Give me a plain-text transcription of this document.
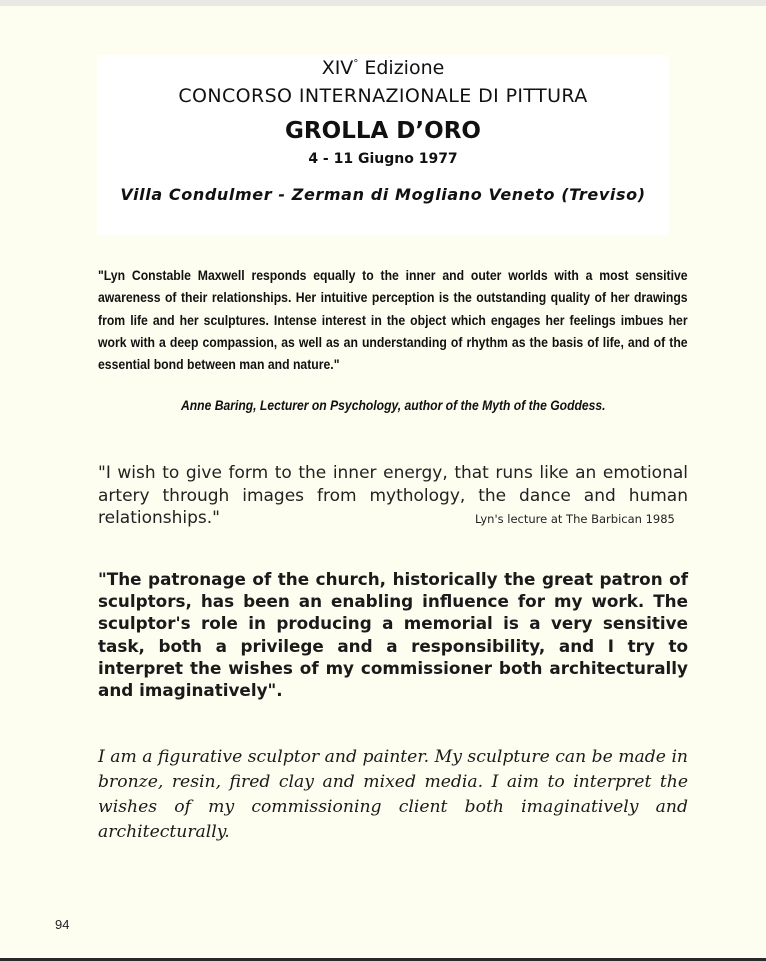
XIV° Edizione
CONCORSO INTERNAZIONALE DI PITTURA
GROLLA D’ORO
4 - 11 Giugno 1977
Villa Condulmer - Zerman di Mogliano Veneto (Treviso)
"Lyn Constable Maxwell responds equally to the inner and outer worlds with a most sensitive awareness of their relationships. Her intuitive perception is the outstanding quality of her drawings from life and her sculptures. Intense interest in the object which engages her feelings imbues her work with a deep compassion, as well as an understanding of rhythm as the basis of life, and of the essential bond between man and nature."
Anne Baring, Lecturer on Psychology, author of the Myth of the Goddess.
"I wish to give form to the inner energy, that runs like an emotional artery through images from mythology, the dance and human relationships."	Lyn's lecture at The Barbican 1985
"The patronage of the church, historically the great patron of sculptors, has been an enabling influence for my work. The sculptor's role in producing a memorial is a very sensitive task, both a privilege and a responsibility, and I try to interpret the wishes of my commissioner both architecturally and imaginatively".
I am a figurative sculptor and painter. My sculpture can be made in bronze, resin, fired clay and mixed media. I aim to interpret the wishes of my commissioning client both imaginatively and architecturally.
94
